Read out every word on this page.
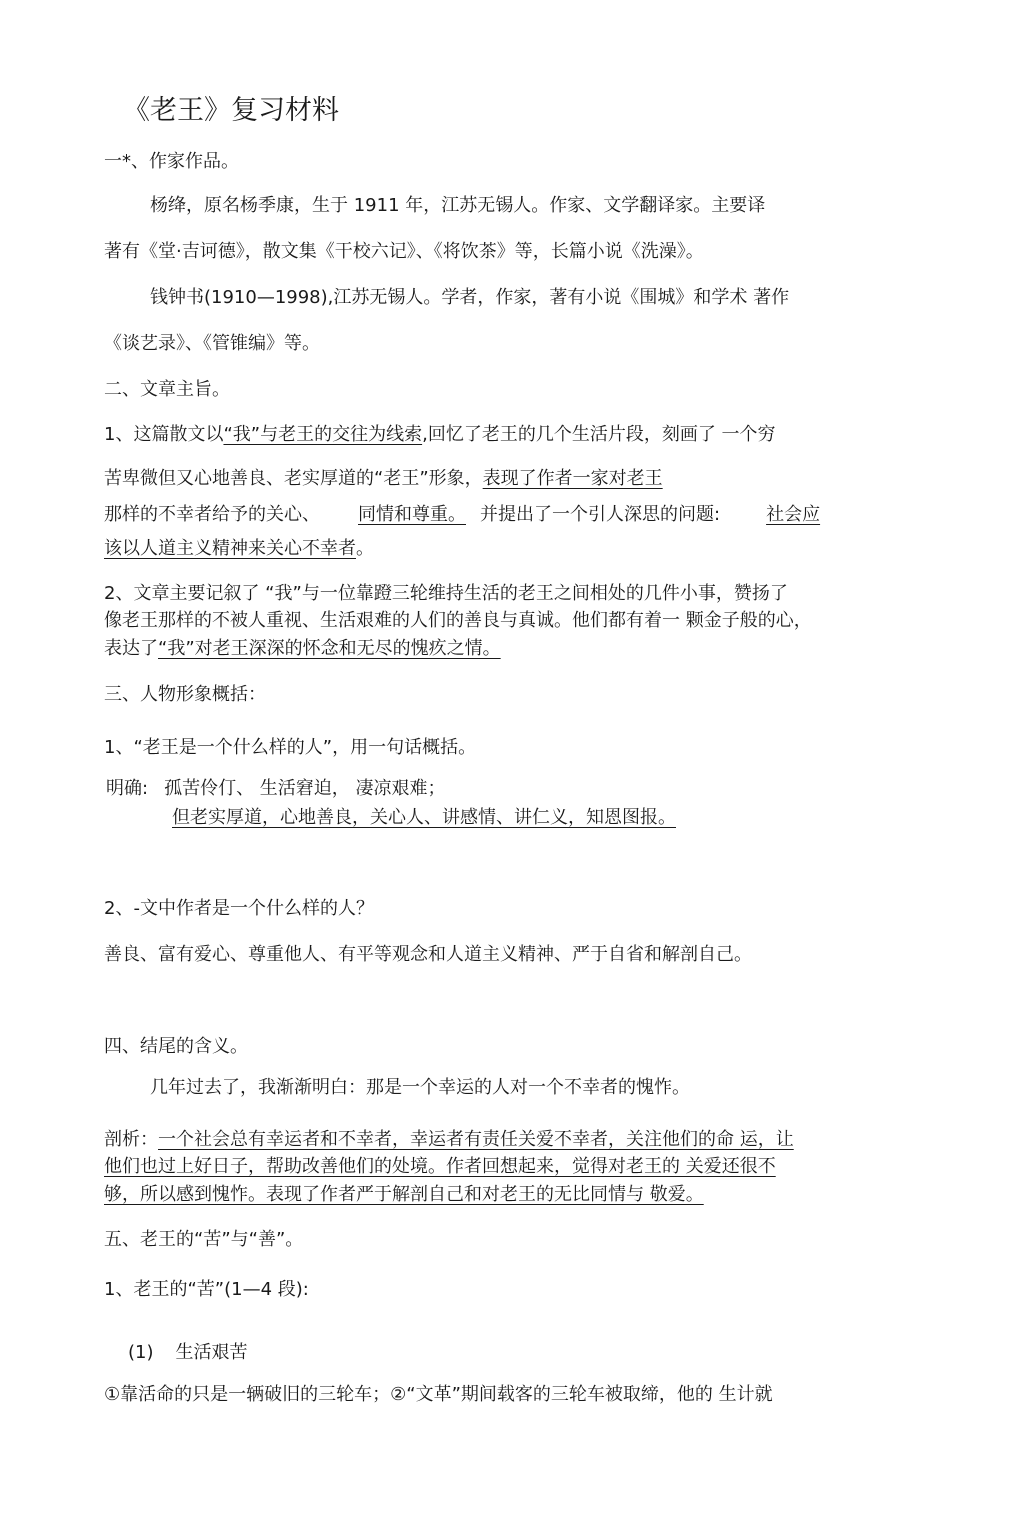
《老王》复习材料
一*、作家作品。
杨绛，原名杨季康，生于 1911 年，江苏无锡人。作家、文学翻译家。主要译
著有《堂·吉诃德》，散文集《干校六记》、《将饮茶》等，长篇小说《洗澡》。
钱钟书(1910—1998),江苏无锡人。学者，作家，著有小说《围城》和学术 著作
《谈艺录》、《管锥编》等。
二、文章主旨。
1、这篇散文以“我”与老王的交往为线索,回忆了老王的几个生活片段，刻画了 一个穷
苦卑微但又心地善良、老实厚道的“老王”形象，表现了作者一家对老王
那样的不幸者给予的关心、 同情和尊重。 并提出了一个引人深思的问题:	社会应
该以人道主义精神来关心不幸者。
2、文章主要记叙了 “我”与一位靠蹬三轮维持生活的老王之间相处的几件小事，赞扬了
像老王那样的不被人重视、生活艰难的人们的善良与真诚。他们都有着一 颗金子般的心，
表达了“我”对老王深深的怀念和无尽的愧疚之情。
三、人物形象概括：
1、“老王是一个什么样的人”，用一句话概括。
明确: 孤苦伶仃、 生活窘迫， 凄凉艰难；
但老实厚道，心地善良，关心人、讲感情、讲仁义，知恩图报。
2、-文中作者是一个什么样的人？
善良、富有爱心、尊重他人、有平等观念和人道主义精神、严于自省和解剖自己。
四、结尾的含义。
几年过去了，我渐渐明白：那是一个幸运的人对一个不幸者的愧怍。
剖析：一个社会总有幸运者和不幸者，幸运者有责任关爱不幸者，关注他们的命 运，让
他们也过上好日子，帮助改善他们的处境。作者回想起来，觉得对老王的 关爱还很不
够，所以感到愧怍。表现了作者严于解剖自己和对老王的无比同情与 敬爱。
五、老王的“苦”与“善”。
1、老王的“苦”(1—4 段):
(1) 生活艰苦
①靠活命的只是一辆破旧的三轮车；②“文革”期间载客的三轮车被取缔，他的 生计就
